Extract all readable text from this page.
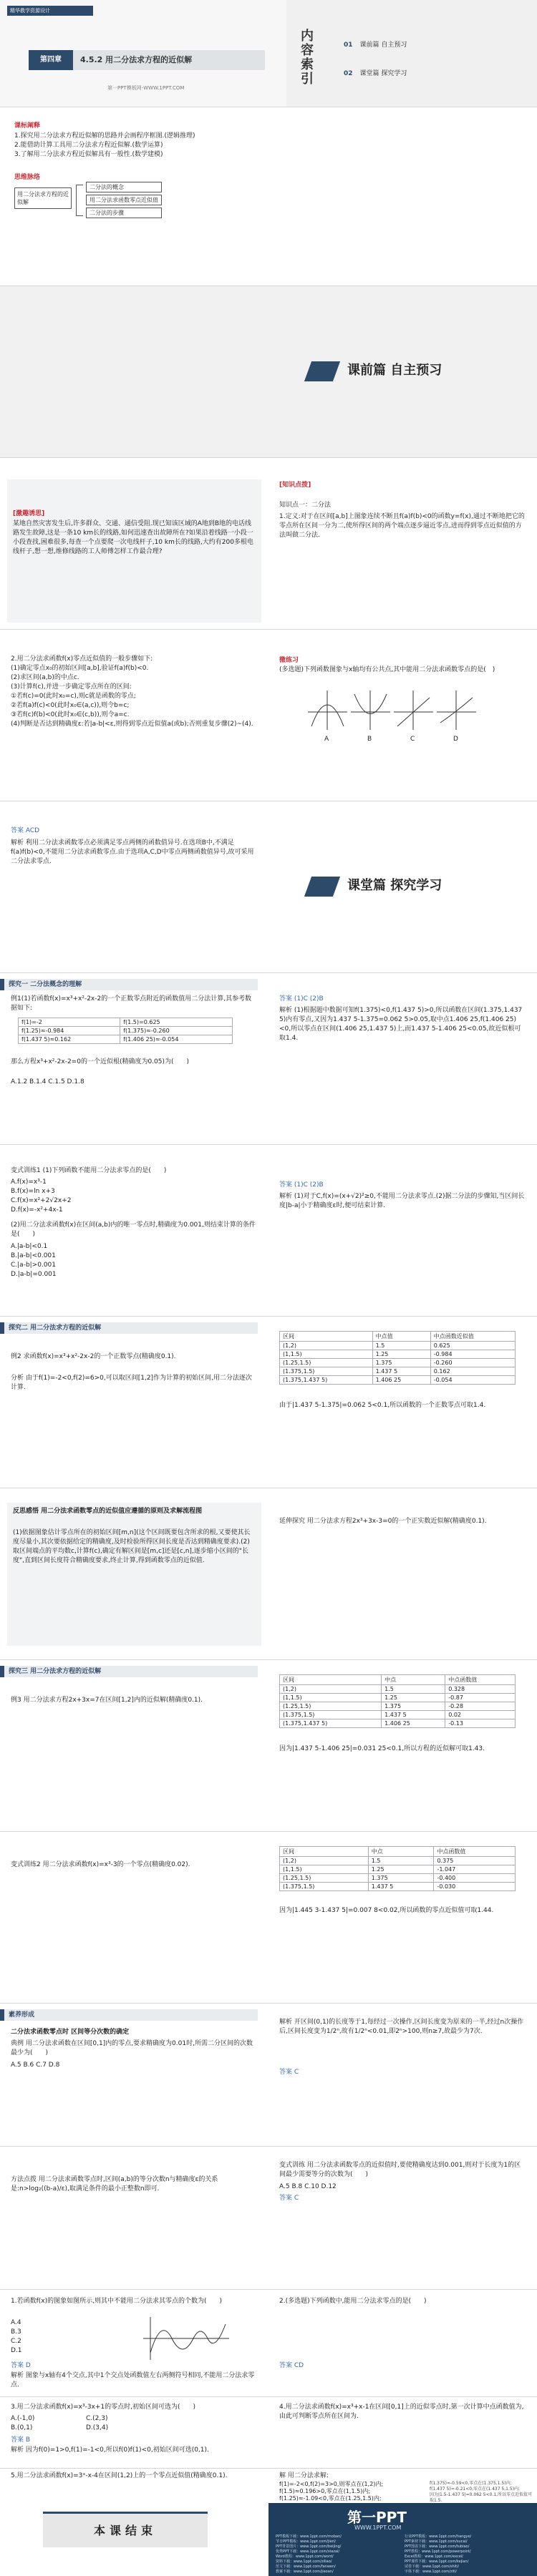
精华教学资源设计
第四章	4.5.2 用二分法求方程的近似解
第一PPT模板网-WWW.1PPT.COM
内容索引	01 课前篇 自主预习
02 课堂篇 探究学习
课标阐释
1.探究用二分法求方程近似解的思路并会画程序框图.(逻辑推理)
2.能借助计算工具用二分法求方程近似解.(数学运算)
3.了解用二分法求方程近似解具有一般性.(数学建模)
思维脉络
用二分法求方程的近似解
二分法的概念
用二分法求函数零点近似值
二分法的步骤
课前篇 自主预习
[激趣诱思]
某地自然灾害发生后,许多群众、交通、通信受阻.现已知该区域的A地到B地的电话线路发生故障,这是一条10 km长的线路,如何迅速查出故障所在?如果沿着线路一小段一小段查找,困难很多,每查一个点要爬一次电线杆子,10 km长的线路,大约有200多根电线杆子,想一想,维修线路的工人师傅怎样工作最合理?
[知识点拨]
知识点一：二分法
1.定义:对于在区间[a,b]上图象连续不断且f(a)f(b)<0的函数y=f(x),通过不断地把它的零点所在区间一分为二,使所得区间的两个端点逐步逼近零点,进而得到零点近似值的方法叫做二分法.
2.用二分法求函数f(x)零点近似值的一般步骤如下:
(1)确定零点x₀的初始区间[a,b],验证f(a)f(b)<0.
(2)求区间(a,b)的中点c.
(3)计算f(c),并进一步确定零点所在的区间:
①若f(c)=0(此时x₀=c),则c就是函数的零点;
②若f(a)f(c)<0(此时x₀∈(a,c)),则令b=c;
③若f(c)f(b)<0(此时x₀∈(c,b)),则令a=c.
(4)判断是否达到精确度ε:若|a-b|<ε,则得到零点近似值a(或b);否则重复步骤(2)~(4).
微练习
(多选题)下列函数图象与x轴均有公共点,其中能用二分法求函数零点的是(　)
A	B	C	D
答案 ACD
解析 利用二分法求函数零点必须满足零点两侧的函数值异号.在选项B中,不满足f(a)f(b)<0,不能用二分法求函数零点.由于选项A,C,D中零点两侧函数值异号,故可采用二分法求零点.
课堂篇 探究学习
探究一 二分法概念的理解
例1(1)若函数f(x)=x³+x²-2x-2的一个正数零点附近的函数值用二分法计算,其参考数据如下:
f(1)=-2	f(1.5)=0.625
f(1.25)≈-0.984	f(1.375)≈-0.260
f(1.437 5)≈0.162	f(1.406 25)≈-0.054
那么方程x³+x²-2x-2=0的一个近似根(精确度为0.05)为(　　)
A.1.2 B.1.4 C.1.5 D.1.8
答案 (1)C (2)B
解析 (1)根据题中数据可知f(1.375)<0,f(1.437 5)>0,所以函数在区间(1.375,1.437 5)内有零点,又因为1.437 5-1.375=0.062 5>0.05,取中点1.406 25,f(1.406 25)<0,所以零点在区间(1.406 25,1.437 5)上,而1.437 5-1.406 25<0.05,故近似根可取1.4.
变式训练1 (1)下列函数不能用二分法求零点的是(　　)
A.f(x)=x³-1
B.f(x)=ln x+3
C.f(x)=x²+2√2x+2
D.f(x)=-x²+4x-1
(2)用二分法求函数f(x)在区间(a,b)内的唯一零点时,精确度为0.001,则结束计算的条件是(　　)
A.|a-b|<0.1
B.|a-b|<0.001
C.|a-b|>0.001
D.|a-b|=0.001
答案 (1)C (2)B
解析 (1)对于C,f(x)=(x+√2)²≥0,不能用二分法求零点.(2)据二分法的步骤知,当区间长度|b-a|小于精确度ε时,便可结束计算.
探究二 用二分法求方程的近似解
例2 求函数f(x)=x³+x²-2x-2的一个正数零点(精确度0.1).
分析 由于f(1)=-2<0,f(2)=6>0,可以取区间[1,2]作为计算的初始区间,用二分法逐次计算.
区间	中点值	中点函数近似值
(1,2)	1.5	0.625
(1,1.5)	1.25	-0.984
(1.25,1.5)	1.375	-0.260
(1.375,1.5)	1.437 5	0.162
(1.375,1.437 5)	1.406 25	-0.054
由于|1.437 5-1.375|=0.062 5<0.1,所以函数的一个正数零点可取1.4.
反思感悟 用二分法求函数零点的近似值应遵循的原则及求解流程图
(1)依据图象估计零点所在的初始区间[m,n](这个区间既要包含所求的根,又要使其长度尽量小,其次要依据给定的精确度,及时检验所得区间长度是否达到精确度要求).(2)取区间端点的平均数c,计算f(c),确定有解区间是[m,c]还是[c,n],逐步缩小区间的"长度",直到区间长度符合精确度要求,终止计算,得到函数零点的近似值.
延伸探究 用二分法求方程2x³+3x-3=0的一个正实数近似解(精确度0.1).
探究三 用二分法求方程的近似解
例3 用二分法求方程2x+3x=7在区间[1,2]内的近似解(精确度0.1).
区间	中点	中点函数值
(1,2)	1.5	0.328
(1,1.5)	1.25	-0.87
(1.25,1.5)	1.375	-0.28
(1.375,1.5)	1.437 5	0.02
(1.375,1.437 5)	1.406 25	-0.13
因为|1.437 5-1.406 25|=0.031 25<0.1,所以方程的近似解可取1.43.
变式训练2 用二分法求函数f(x)=x³-3的一个零点(精确度0.02).
区间	中点	中点函数值
(1,2)	1.5	0.375
(1,1.5)	1.25	-1.047
(1.25,1.5)	1.375	-0.400
(1.375,1.5)	1.437 5	-0.030
因为|1.445 3-1.437 5|=0.007 8<0.02,所以函数的零点近似值可取1.44.
素养形成
二分法求函数零点时 区间等分次数的确定
典例 用二分法求函数在区间[0,1]内的零点,要求精确度为0.01时,所需二分区间的次数最少为(　　)
A.5 B.6 C.7 D.8
解析 开区间(0,1)的长度等于1,每经过一次操作,区间长度变为原来的一半,经过n次操作后,区间长度变为1/2ⁿ,故有1/2ⁿ<0.01,即2ⁿ>100,则n≥7,故最少为7次.
答案 C
方法点拨 用二分法求函数零点时,区间(a,b)的等分次数n与精确度ε的关系是:n>log₂((b-a)/ε),取满足条件的最小正整数n即可.
变式训练 用二分法求函数零点的近似值时,要使精确度达到0.001,则对于长度为1的区间最少需要等分的次数为(　　)
A.5 B.8 C.10 D.12
答案 C
1.若函数f(x)的图象如图所示,则其中不能用二分法求其零点的个数为(　　)
A.4
B.3
C.2
D.1
答案 D
解析 图象与x轴有4个交点,其中1个交点处函数值左右两侧符号相同,不能用二分法求零点.
2.(多选题)下列函数中,能用二分法求零点的是(　　)
答案 CD
3.用二分法求函数f(x)=x³-3x+1的零点时,初始区间可选为(　　)
A.(-1,0)
B.(0,1)
C.(2,3)
D.(3,4)
答案 B
解析 因为f(0)=1>0,f(1)=-1<0,所以f(0)f(1)<0,初始区间可选(0,1).
4.用二分法求函数f(x)=x³+x-1在区间[0,1]上的近似零点时,第一次计算中点函数值为,由此可判断零点所在区间为.
5.用二分法求函数f(x)=3ˣ-x-4在区间(1,2)上的一个零点近似值(精确度0.1).
本课结束
解 用二分法求解:
f(1)=-2<0,f(2)=3>0,则零点在(1,2)内;
f(1.5)≈0.196>0,零点在(1,1.5)内;
f(1.25)≈-1.09<0,零点在(1.25,1.5)内;
第一PPT
WWW.1PPT.COM
PPT模板下载：www.1ppt.com/moban/
节日PPT模板：www.1ppt.com/jieri/
PPT背景图片：www.1ppt.com/beijing/
优秀PPT下载：www.1ppt.com/xiazai/
Word教程：www.1ppt.com/word/
资料下载：www.1ppt.com/ziliao/
范文下载：www.1ppt.com/fanwen/
教案下载：www.1ppt.com/jiaoan/
行业PPT模板：www.1ppt.com/hangye/
PPT素材下载：www.1ppt.com/sucai/
PPT图表下载：www.1ppt.com/tubiao/
PPT教程：www.1ppt.com/powerpoint/
Excel教程：www.1ppt.com/excel/
PPT课件下载：www.1ppt.com/kejian/
试卷下载：www.1ppt.com/shiti/
字体下载：www.1ppt.com/ziti/
f(1.375)≈-0.59<0,零点在(1.375,1.5)内;
f(1.437 5)≈-0.21<0,零点在(1.437 5,1.5)内;
因为|1.5-1.437 5|=0.062 5<0.1,所以零点近似值可取1.5.
